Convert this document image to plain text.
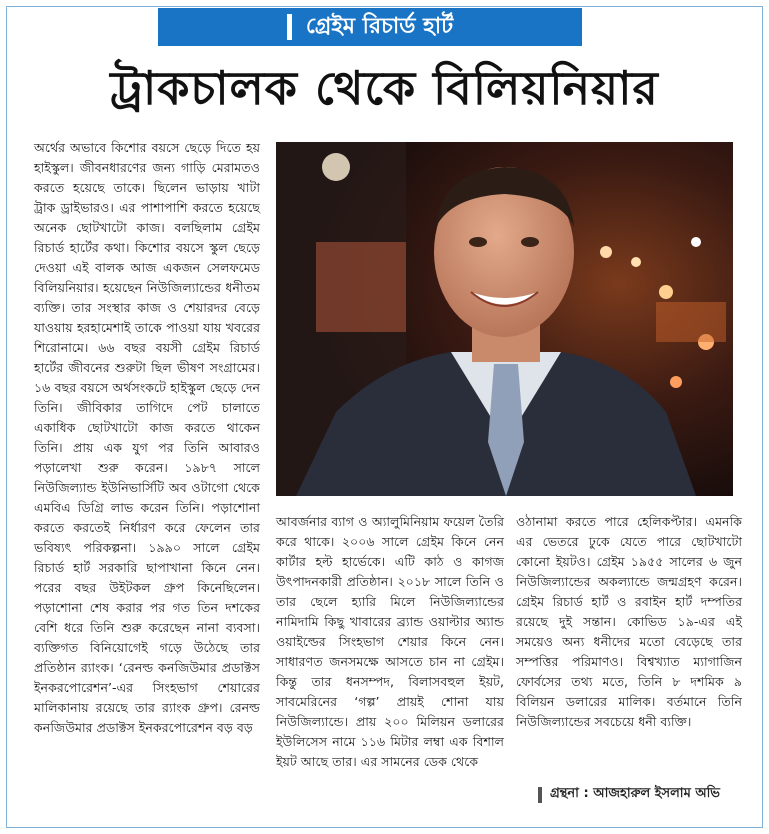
গ্রেইম রিচার্ড হার্ট
ট্রাকচালক থেকে বিলিয়নিয়ার

অর্থের অভাবে কিশোর বয়সে ছেড়ে দিতে হয় হাইস্কুল। জীবনধারণের জন্য গাড়ি মেরামতও করতে হয়েছে তাকে। ছিলেন ভাড়ায় খাটা ট্রাক ড্রাইভারও। এর পাশাপাশি করতে হয়েছে অনেক ছোটখাটো কাজ। বলছিলাম গ্রেইম রিচার্ড হার্টের কথা। কিশোর বয়সে স্কুল ছেড়ে দেওয়া এই বালক আজ একজন সেলফমেড বিলিয়নিয়ার। হয়েছেন নিউজিল্যান্ডের ধনীতম ব্যক্তি। তার সংস্থার কাজ ও শেয়ারদর বেড়ে যাওয়ায় হরহামেশাই তাকে পাওয়া যায় খবরের শিরোনামে। ৬৬ বছর বয়সী গ্রেইম রিচার্ড হার্টের জীবনের শুরুটা ছিল ভীষণ সংগ্রামের। ১৬ বছর বয়সে অর্থসংকটে হাইস্কুল ছেড়ে দেন তিনি। জীবিকার তাগিদে পেট চালাতে একাধিক ছোটখাটো কাজ করতে থাকেন তিনি। প্রায় এক যুগ পর তিনি আবারও পড়ালেখা শুরু করেন। ১৯৮৭ সালে নিউজিল্যান্ড ইউনিভার্সিটি অব ওটাগো থেকে এমবিএ ডিগ্রি লাভ করেন তিনি। পড়াশোনা করতে করতেই নির্ধারণ করে ফেলেন তার ভবিষ্যৎ পরিকল্পনা। ১৯৯০ সালে গ্রেইম রিচার্ড হার্ট সরকারি ছাপাখানা কিনে নেন। পরের বছর উইটকল গ্রুপ কিনেছিলেন। পড়াশোনা শেষ করার পর গত তিন দশকের বেশি ধরে তিনি শুরু করেছেন নানা ব্যবসা। ব্যক্তিগত বিনিয়োগেই গড়ে উঠেছে তার প্রতিষ্ঠান র‍্যাংক। ‘রেনল্ড কনজিউমার প্রডাক্টস ইনকরপোরেশন’-এর সিংহভাগ শেয়ারের মালিকানায় রয়েছে তার র‍্যাংক গ্রুপ। রেনল্ড কনজিউমার প্রডাক্টস ইনকরপোরেশন বড় বড়

আবর্জনার ব্যাগ ও অ্যালুমিনিয়াম ফয়েল তৈরি করে থাকে। ২০০৬ সালে গ্রেইম কিনে নেন কার্টার হল্ট হার্ভেকে। এটি কাঠ ও কাগজ উৎপাদনকারী প্রতিষ্ঠান। ২০১৮ সালে তিনি ও তার ছেলে হ্যারি মিলে নিউজিল্যান্ডের নামিদামি কিছু খাবারের ব্র্যান্ড ওয়াল্টার অ্যান্ড ওয়াইল্ডের সিংহভাগ শেয়ার কিনে নেন। সাধারণত জনসমক্ষে আসতে চান না গ্রেইম। কিন্তু তার ধনসম্পদ, বিলাসবহুল ইয়ট, সাবমেরিনের ‘গল্প’ প্রায়ই শোনা যায় নিউজিল্যান্ডে। প্রায় ২০০ মিলিয়ন ডলারের ইউলিসেস নামে ১১৬ মিটার লম্বা এক বিশাল ইয়ট আছে তার। এর সামনের ডেক থেকে

ওঠানামা করতে পারে হেলিকপ্টার। এমনকি এর ভেতরে ঢুকে যেতে পারে ছোটখাটো কোনো ইয়টও। গ্রেইম ১৯৫৫ সালের ৬ জুন নিউজিল্যান্ডের অকল্যান্ডে জন্মগ্রহণ করেন। গ্রেইম রিচার্ড হার্ট ও রবাইন হার্ট দম্পতির রয়েছে দুই সন্তান। কোভিড ১৯-এর এই সময়েও অন্য ধনীদের মতো বেড়েছে তার সম্পত্তির পরিমাণও। বিশ্বখ্যাত ম্যাগাজিন ফোর্বসের তথ্য মতে, তিনি ৮ দশমিক ৯ বিলিয়ন ডলারের মালিক। বর্তমানে তিনি নিউজিল্যান্ডের সবচেয়ে ধনী ব্যক্তি।

গ্রন্থনা : আজহারুল ইসলাম অভি
